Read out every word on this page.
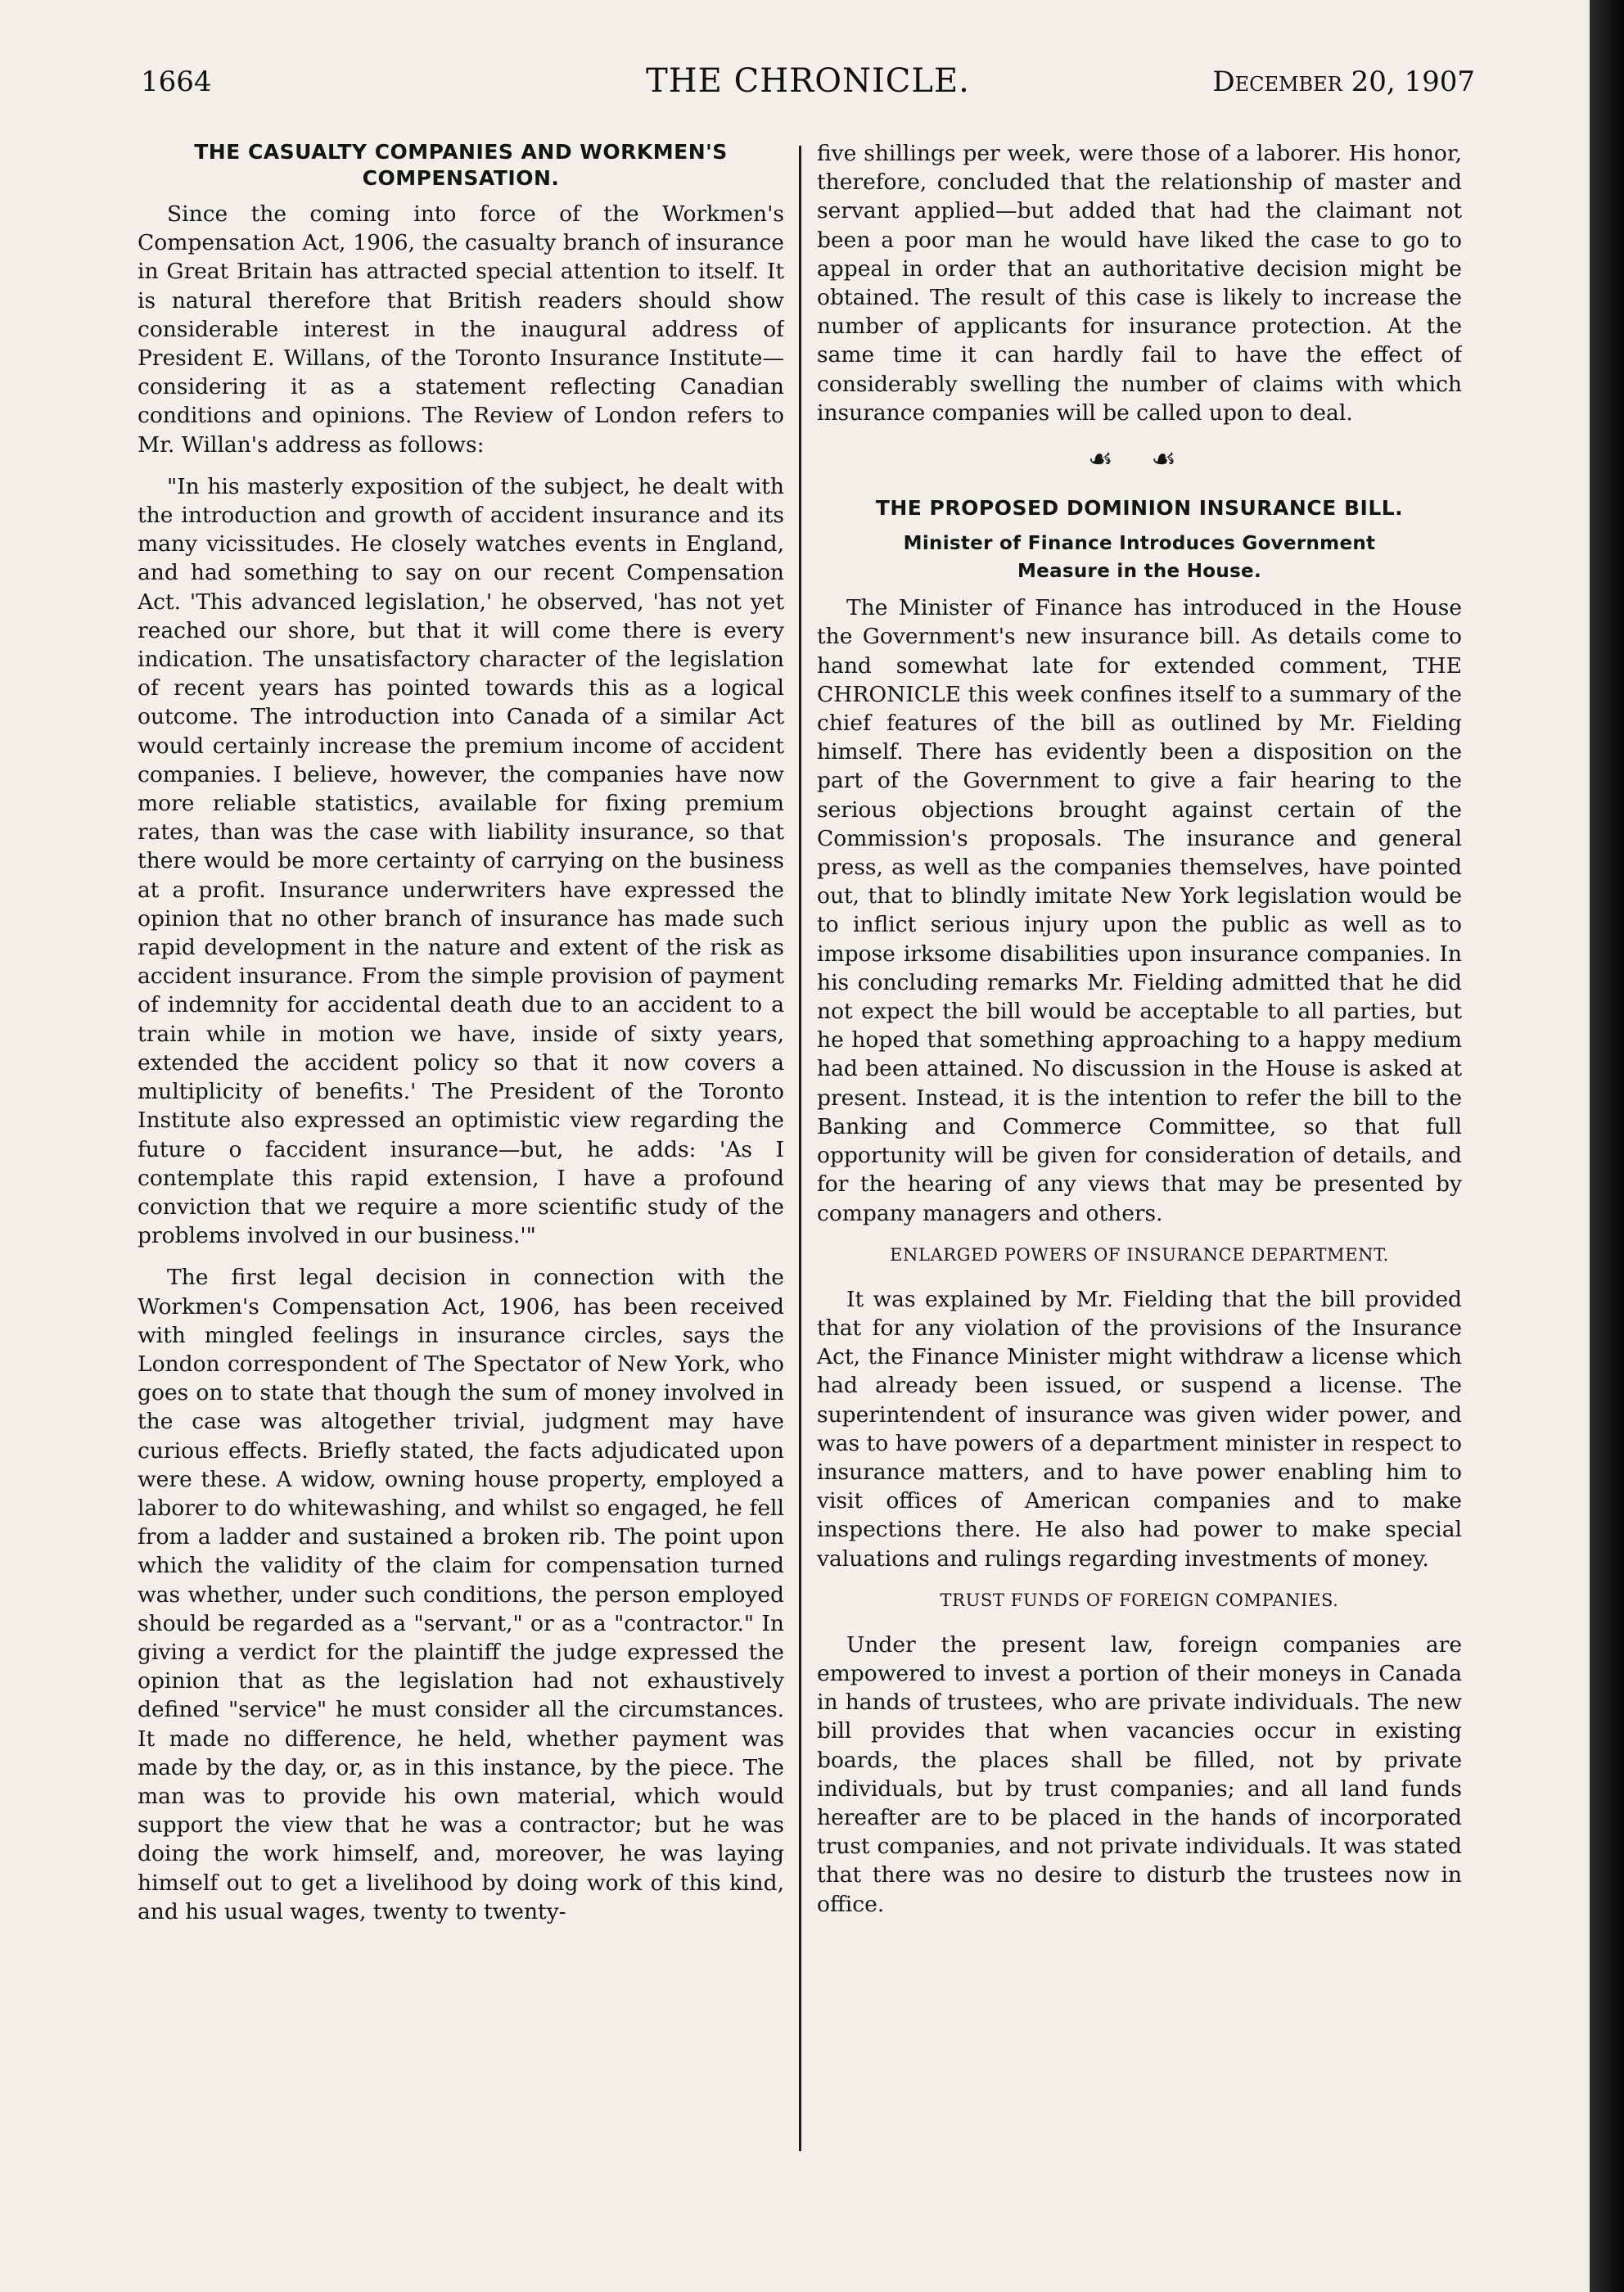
1664	THE CHRONICLE.	December 20, 1907
THE CASUALTY COMPANIES AND WORKMEN'S COMPENSATION.

Since the coming into force of the Workmen's Compensation Act, 1906, the casualty branch of insurance in Great Britain has attracted special attention to itself. It is natural therefore that British readers should show considerable interest in the inaugural address of President E. Willans, of the Toronto Insurance Institute—considering it as a statement reflecting Canadian conditions and opinions. The Review of London refers to Mr. Willan's address as follows:

"In his masterly exposition of the subject, he dealt with the introduction and growth of accident insurance and its many vicissitudes. He closely watches events in England, and had something to say on our recent Compensation Act. 'This advanced legislation,' he observed, 'has not yet reached our shore, but that it will come there is every indication. The unsatisfactory character of the legislation of recent years has pointed towards this as a logical outcome. The introduction into Canada of a similar Act would certainly increase the premium income of accident companies. I believe, however, the companies have now more reliable statistics, available for fixing premium rates, than was the case with liability insurance, so that there would be more certainty of carrying on the business at a profit. Insurance underwriters have expressed the opinion that no other branch of insurance has made such rapid development in the nature and extent of the risk as accident insurance. From the simple provision of payment of indemnity for accidental death due to an accident to a train while in motion we have, inside of sixty years, extended the accident policy so that it now covers a multiplicity of benefits.' The President of the Toronto Institute also expressed an optimistic view regarding the future o faccident insurance—but, he adds: 'As I contemplate this rapid extension, I have a profound conviction that we require a more scientific study of the problems involved in our business.'"

The first legal decision in connection with the Workmen's Compensation Act, 1906, has been received with mingled feelings in insurance circles, says the London correspondent of The Spectator of New York, who goes on to state that though the sum of money involved in the case was altogether trivial, judgment may have curious effects. Briefly stated, the facts adjudicated upon were these. A widow, owning house property, employed a laborer to do whitewashing, and whilst so engaged, he fell from a ladder and sustained a broken rib. The point upon which the validity of the claim for compensation turned was whether, under such conditions, the person employed should be regarded as a "servant," or as a "contractor." In giving a verdict for the plaintiff the judge expressed the opinion that as the legislation had not exhaustively defined "service" he must consider all the circumstances. It made no difference, he held, whether payment was made by the day, or, as in this instance, by the piece. The man was to provide his own material, which would support the view that he was a contractor; but he was doing the work himself, and, moreover, he was laying himself out to get a livelihood by doing work of this kind, and his usual wages, twenty to twenty-

five shillings per week, were those of a laborer. His honor, therefore, concluded that the relationship of master and servant applied—but added that had the claimant not been a poor man he would have liked the case to go to appeal in order that an authoritative decision might be obtained. The result of this case is likely to increase the number of applicants for insurance protection. At the same time it can hardly fail to have the effect of considerably swelling the number of claims with which insurance companies will be called upon to deal.

☙ ☙
THE PROPOSED DOMINION INSURANCE BILL.
Minister of Finance Introduces Government
Measure in the House.

The Minister of Finance has introduced in the House the Government's new insurance bill. As details come to hand somewhat late for extended comment, THE CHRONICLE this week confines itself to a summary of the chief features of the bill as outlined by Mr. Fielding himself. There has evidently been a disposition on the part of the Government to give a fair hearing to the serious objections brought against certain of the Commission's proposals. The insurance and general press, as well as the companies themselves, have pointed out, that to blindly imitate New York legislation would be to inflict serious injury upon the public as well as to impose irksome disabilities upon insurance companies. In his concluding remarks Mr. Fielding admitted that he did not expect the bill would be acceptable to all parties, but he hoped that something approaching to a happy medium had been attained. No discussion in the House is asked at present. Instead, it is the intention to refer the bill to the Banking and Commerce Committee, so that full opportunity will be given for consideration of details, and for the hearing of any views that may be presented by company managers and others.

ENLARGED POWERS OF INSURANCE DEPARTMENT.

It was explained by Mr. Fielding that the bill provided that for any violation of the provisions of the Insurance Act, the Finance Minister might withdraw a license which had already been issued, or suspend a license. The superintendent of insurance was given wider power, and was to have powers of a department minister in respect to insurance matters, and to have power enabling him to visit offices of American companies and to make inspections there. He also had power to make special valuations and rulings regarding investments of money.

TRUST FUNDS OF FOREIGN COMPANIES.

Under the present law, foreign companies are empowered to invest a portion of their moneys in Canada in hands of trustees, who are private individuals. The new bill provides that when vacancies occur in existing boards, the places shall be filled, not by private individuals, but by trust companies; and all land funds hereafter are to be placed in the hands of incorporated trust companies, and not private individuals. It was stated that there was no desire to disturb the trustees now in office.
